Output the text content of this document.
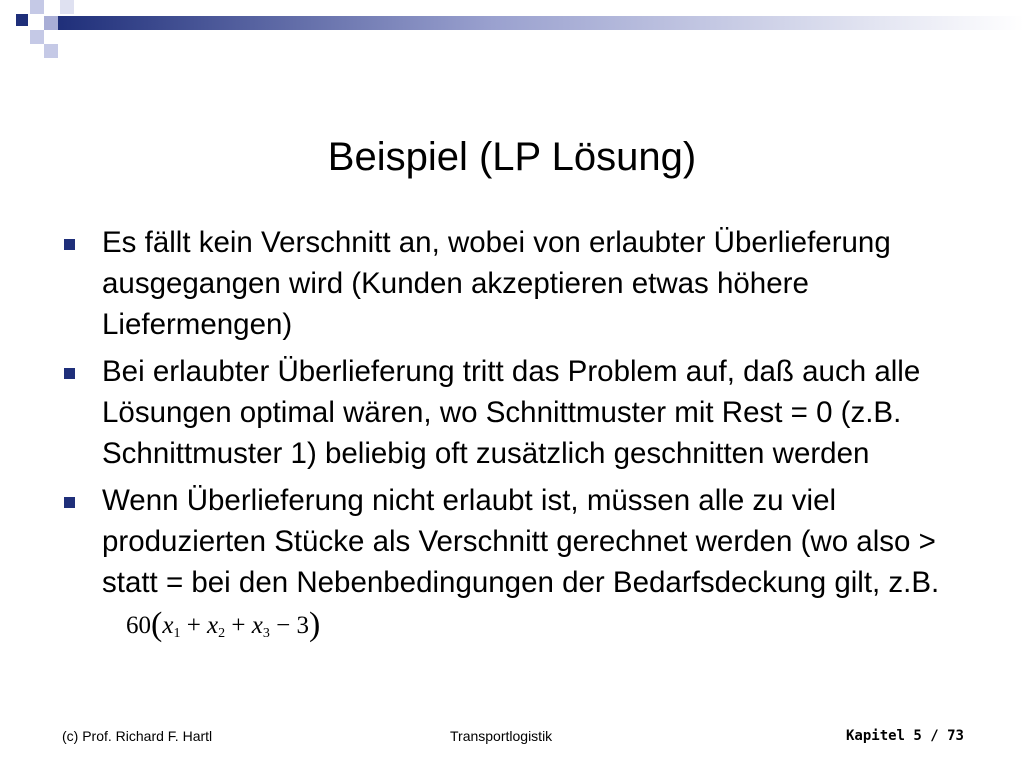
Beispiel (LP Lösung)
Es fällt kein Verschnitt an, wobei von erlaubter Überlieferung ausgegangen wird (Kunden akzeptieren etwas höhere Liefermengen)
Bei erlaubter Überlieferung tritt das Problem auf, daß auch alle Lösungen optimal wären, wo Schnittmuster mit Rest = 0 (z.B. Schnittmuster 1) beliebig oft zusätzlich geschnitten werden
Wenn Überlieferung nicht erlaubt ist, müssen alle zu viel produzierten Stücke als Verschnitt gerechnet werden (wo also > statt = bei den Nebenbedingungen der Bedarfsdeckung gilt, z.B. $60(x_1 + x_2 + x_3 - 3)$
(c) Prof. Richard F. Hartl	Transportlogistik	Kapitel 5 / 73
